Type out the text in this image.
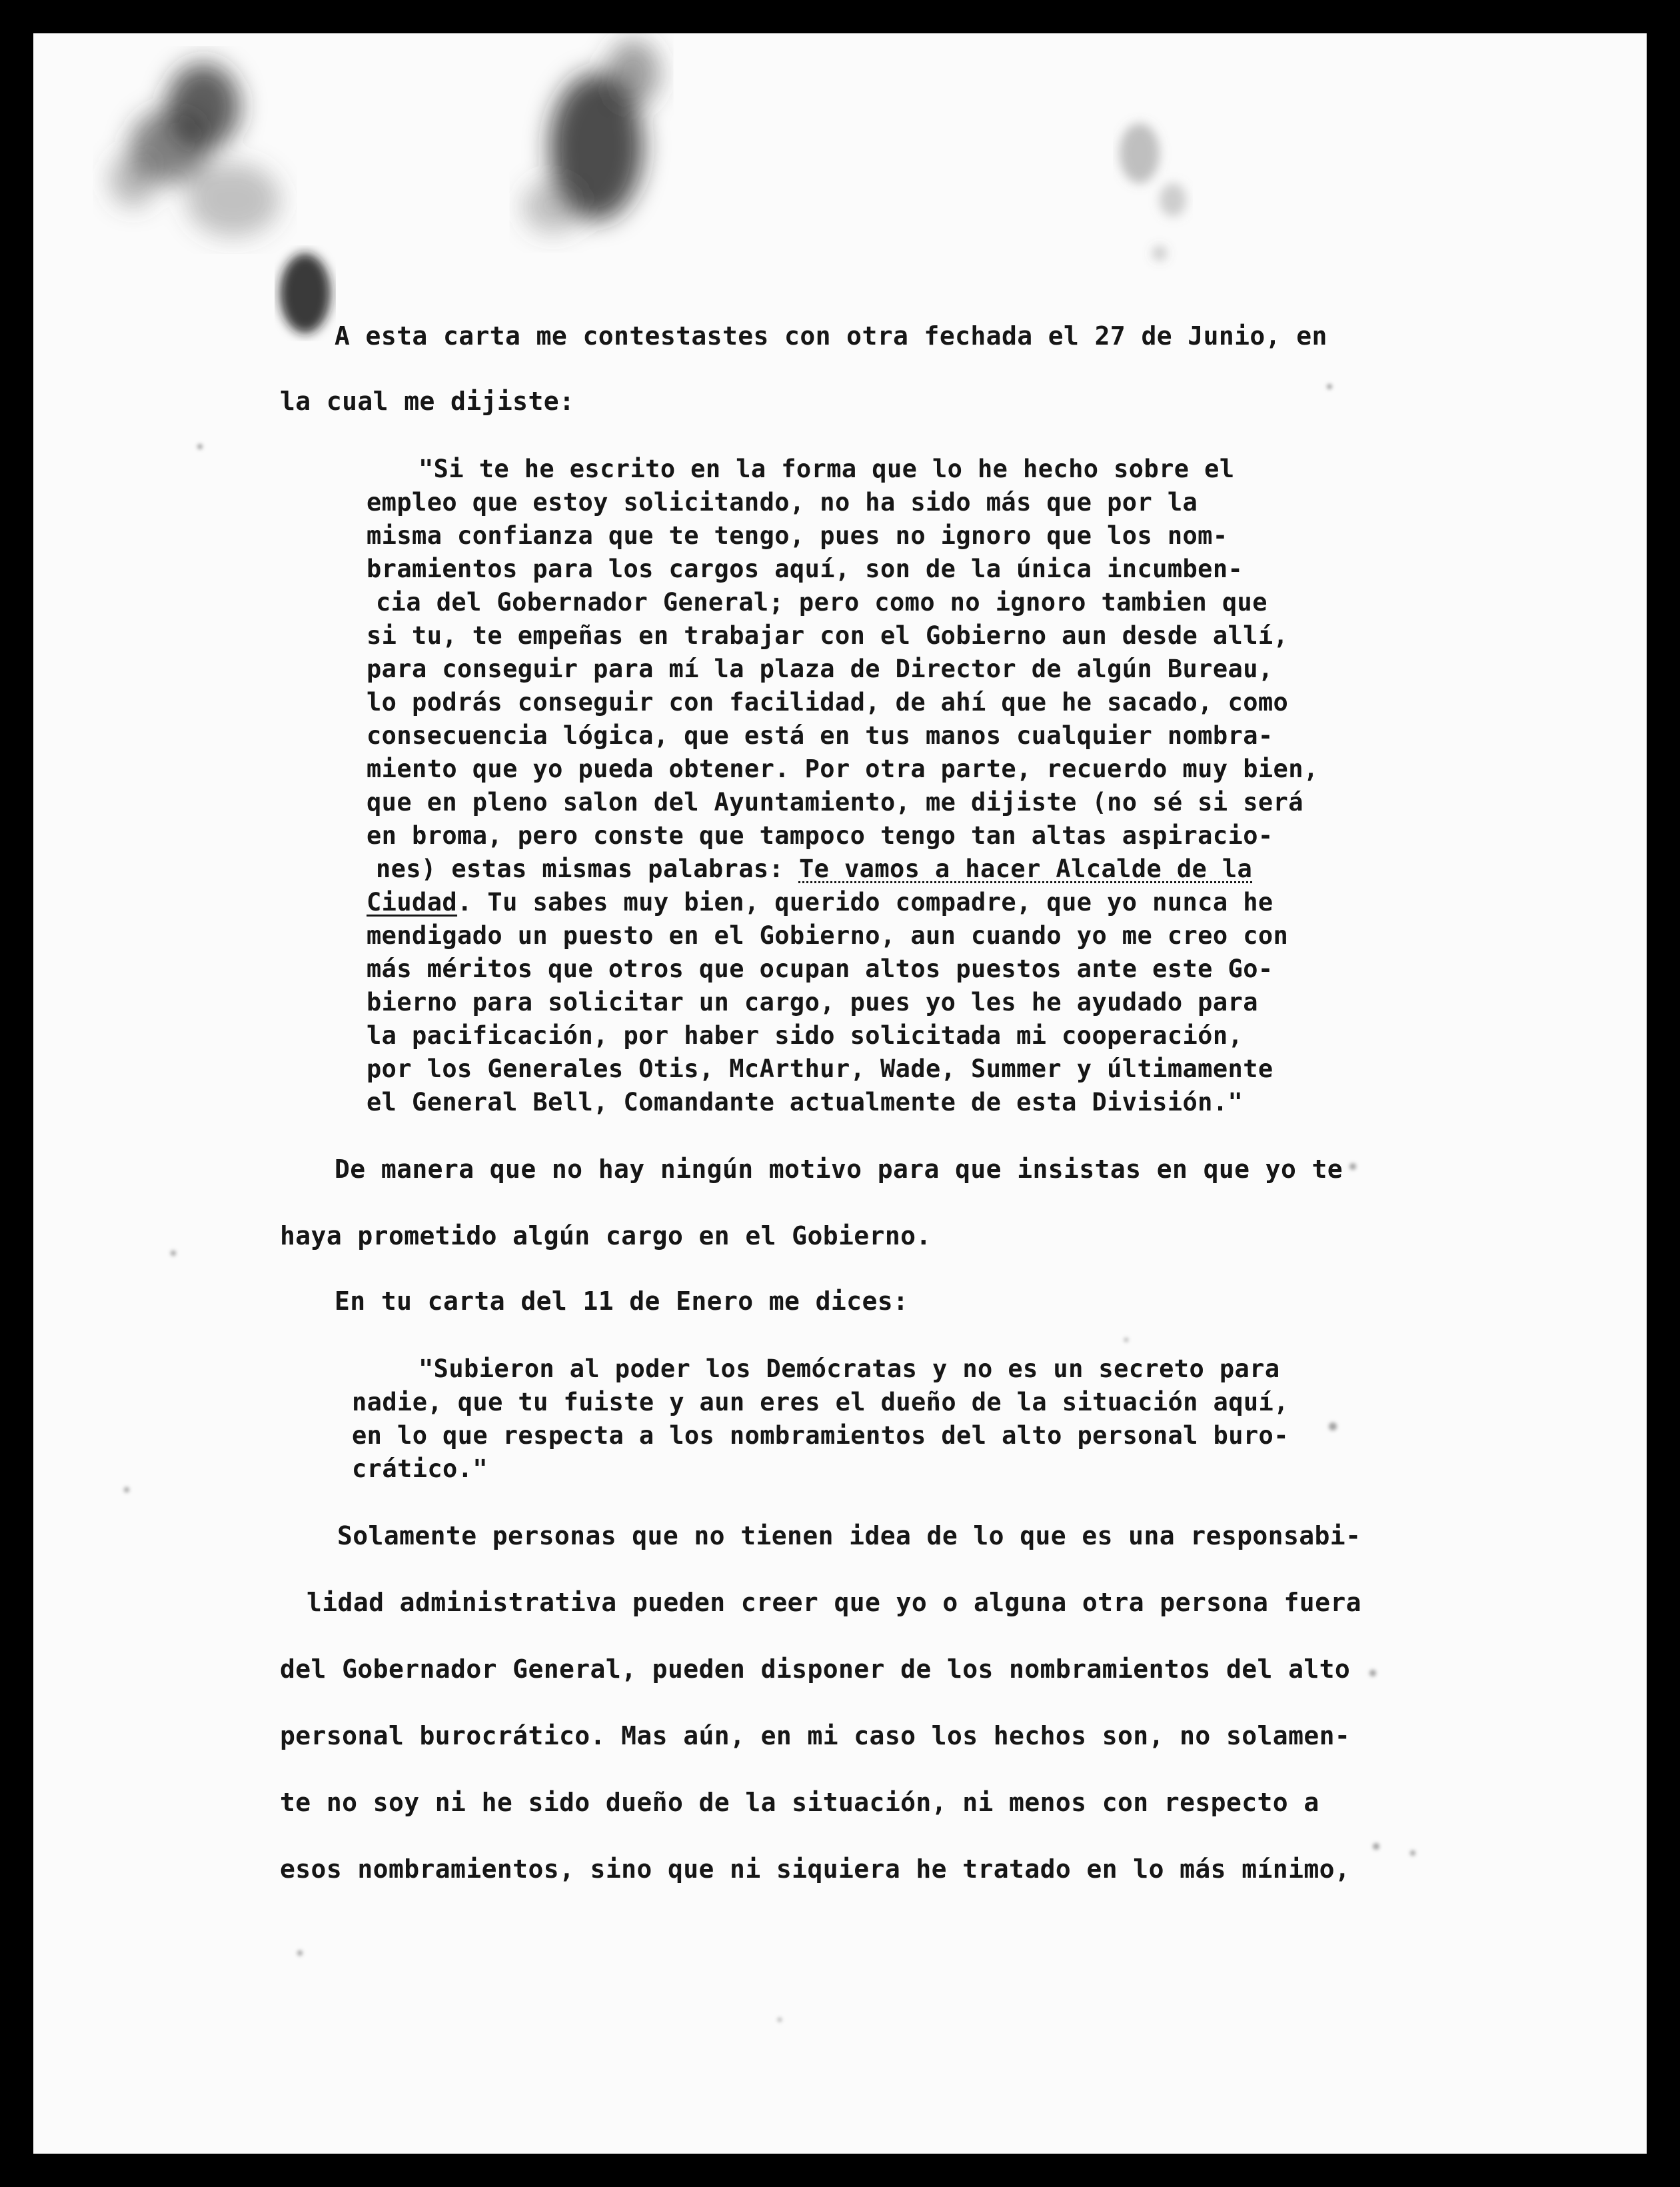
A esta carta me contestastes con otra fechada el 27 de Junio, en
la cual me dijiste:
"Si te he escrito en la forma que lo he hecho sobre el
empleo que estoy solicitando, no ha sido más que por la
misma confianza que te tengo, pues no ignoro que los nom-
bramientos para los cargos aquí, son de la única incumben-
cia del Gobernador General; pero como no ignoro tambien que
si tu, te empeñas en trabajar con el Gobierno aun desde allí,
para conseguir para mí la plaza de Director de algún Bureau,
lo podrás conseguir con facilidad, de ahí que he sacado, como
consecuencia lógica, que está en tus manos cualquier nombra-
miento que yo pueda obtener. Por otra parte, recuerdo muy bien,
que en pleno salon del Ayuntamiento, me dijiste (no sé si será
en broma, pero conste que tampoco tengo tan altas aspiracio-
nes) estas mismas palabras: Te vamos a hacer Alcalde de la
Ciudad. Tu sabes muy bien, querido compadre, que yo nunca he
mendigado un puesto en el Gobierno, aun cuando yo me creo con
más méritos que otros que ocupan altos puestos ante este Go-
bierno para solicitar un cargo, pues yo les he ayudado para
la pacificación, por haber sido solicitada mi cooperación,
por los Generales Otis, McArthur, Wade, Summer y últimamente
el General Bell, Comandante actualmente de esta División."
De manera que no hay ningún motivo para que insistas en que yo te
haya prometido algún cargo en el Gobierno.
En tu carta del 11 de Enero me dices:
"Subieron al poder los Demócratas y no es un secreto para
nadie, que tu fuiste y aun eres el dueño de la situación aquí,
en lo que respecta a los nombramientos del alto personal buro-
crático."
Solamente personas que no tienen idea de lo que es una responsabi-
lidad administrativa pueden creer que yo o alguna otra persona fuera
del Gobernador General, pueden disponer de los nombramientos del alto
personal burocrático. Mas aún, en mi caso los hechos son, no solamen-
te no soy ni he sido dueño de la situación, ni menos con respecto a
esos nombramientos, sino que ni siquiera he tratado en lo más mínimo,
